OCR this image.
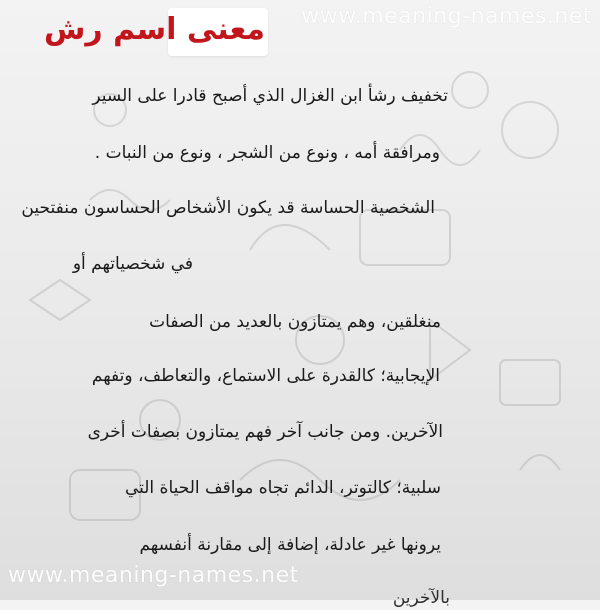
معنى اسم رش www.meaning-names.net
تخفيف رشأ ابن الغزال الذي أصبح قادرا على السير
ومرافقة أمه ، ونوع من الشجر ، ونوع من النبات .
الشخصية الحساسة قد يكون الأشخاص الحساسون منفتحين
في شخصياتهم أو
منغلقين، وهم يمتازون بالعديد من الصفات
الإيجابية؛ كالقدرة على الاستماع، والتعاطف، وتفهم
الآخرين. ومن جانب آخر فهم يمتازون بصفات أخرى
سلبية؛ كالتوتر، الدائم تجاه مواقف الحياة التي
يرونها غير عادلة، إضافة إلى مقارنة أنفسهم
بالآخرين
www.meaning-names.net
